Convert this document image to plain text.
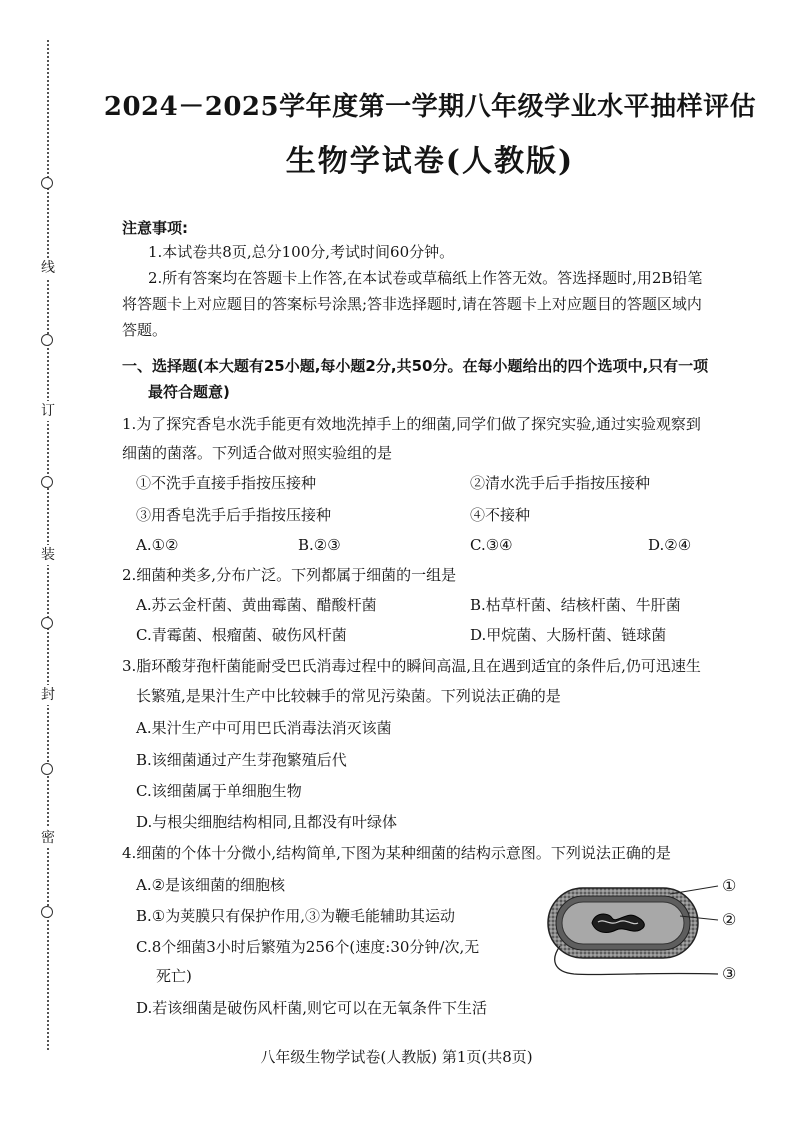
线
订
装
封
密
2024－2025学年度第一学期八年级学业水平抽样评估
生物学试卷(人教版)
注意事项:
1.本试卷共8页,总分100分,考试时间60分钟。
2.所有答案均在答题卡上作答,在本试卷或草稿纸上作答无效。答选择题时,用2B铅笔
将答题卡上对应题目的答案标号涂黑;答非选择题时,请在答题卡上对应题目的答题区域内
答题。
一、选择题(本大题有25小题,每小题2分,共50分。在每小题给出的四个选项中,只有一项
最符合题意)
1.为了探究香皂水洗手能更有效地洗掉手上的细菌,同学们做了探究实验,通过实验观察到
细菌的菌落。下列适合做对照实验组的是
①不洗手直接手指按压接种	②清水洗手后手指按压接种
③用香皂洗手后手指按压接种	④不接种
A.①②	B.②③	C.③④	D.②④
2.细菌种类多,分布广泛。下列都属于细菌的一组是
A.苏云金杆菌、黄曲霉菌、醋酸杆菌	B.枯草杆菌、结核杆菌、牛肝菌
C.青霉菌、根瘤菌、破伤风杆菌	D.甲烷菌、大肠杆菌、链球菌
3.脂环酸芽孢杆菌能耐受巴氏消毒过程中的瞬间高温,且在遇到适宜的条件后,仍可迅速生
长繁殖,是果汁生产中比较棘手的常见污染菌。下列说法正确的是
A.果汁生产中可用巴氏消毒法消灭该菌
B.该细菌通过产生芽孢繁殖后代
C.该细菌属于单细胞生物
D.与根尖细胞结构相同,且都没有叶绿体
4.细菌的个体十分微小,结构简单,下图为某种细菌的结构示意图。下列说法正确的是
A.②是该细菌的细胞核
B.①为荚膜只有保护作用,③为鞭毛能辅助其运动
C.8个细菌3小时后繁殖为256个(速度:30分钟/次,无
死亡)
D.若该细菌是破伤风杆菌,则它可以在无氧条件下生活
①
②
③
八年级生物学试卷(人教版) 第1页(共8页)
